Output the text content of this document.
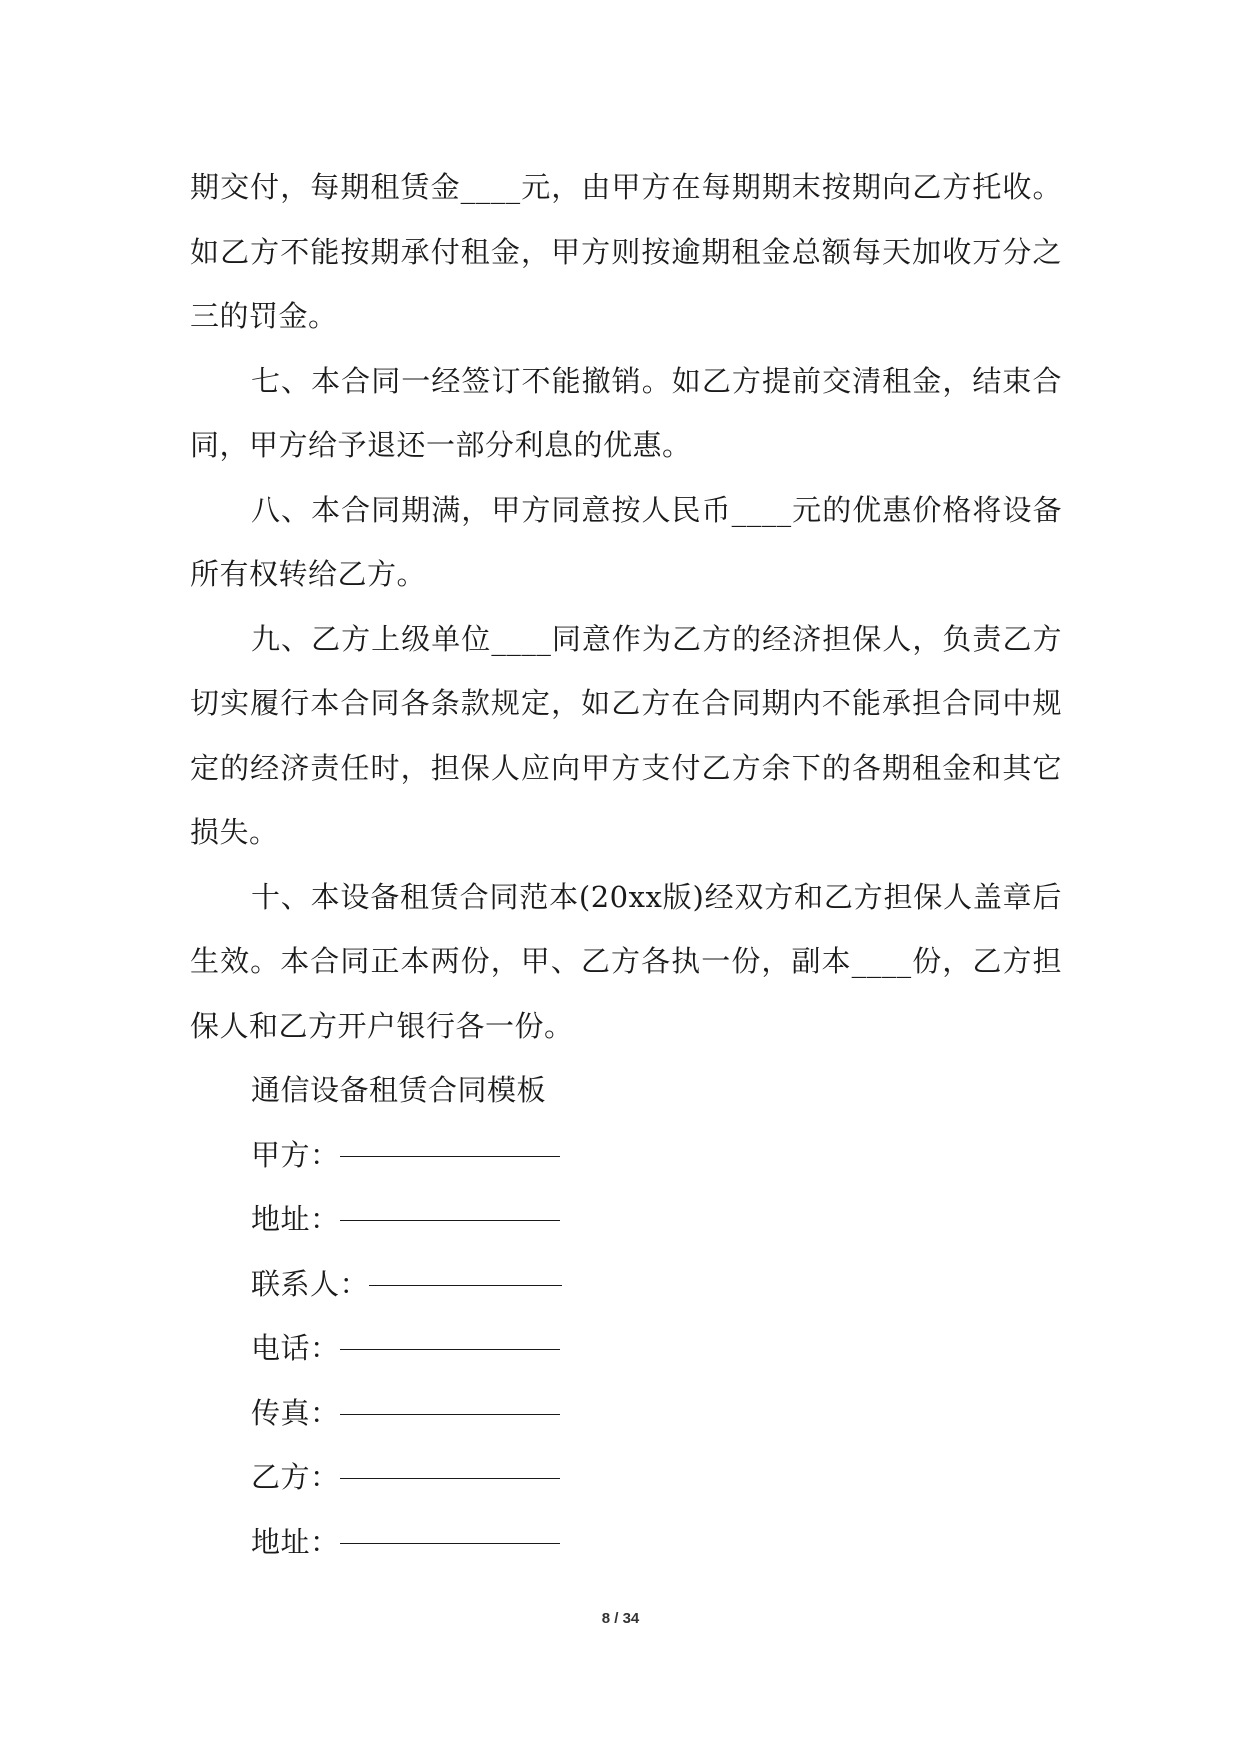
期交付，每期租赁金____元，由甲方在每期期末按期向乙方托收。如乙方不能按期承付租金，甲方则按逾期租金总额每天加收万分之三的罚金。

七、本合同一经签订不能撤销。如乙方提前交清租金，结束合同，甲方给予退还一部分利息的优惠。

八、本合同期满，甲方同意按人民币____元的优惠价格将设备所有权转给乙方。

九、乙方上级单位____同意作为乙方的经济担保人，负责乙方切实履行本合同各条款规定，如乙方在合同期内不能承担合同中规定的经济责任时，担保人应向甲方支付乙方余下的各期租金和其它损失。

十、本设备租赁合同范本(20xx版)经双方和乙方担保人盖章后生效。本合同正本两份，甲、乙方各执一份，副本____份，乙方担保人和乙方开户银行各一份。

通信设备租赁合同模板

甲方：

地址：

联系人：

电话：

传真：

乙方：

地址：

8 / 34
